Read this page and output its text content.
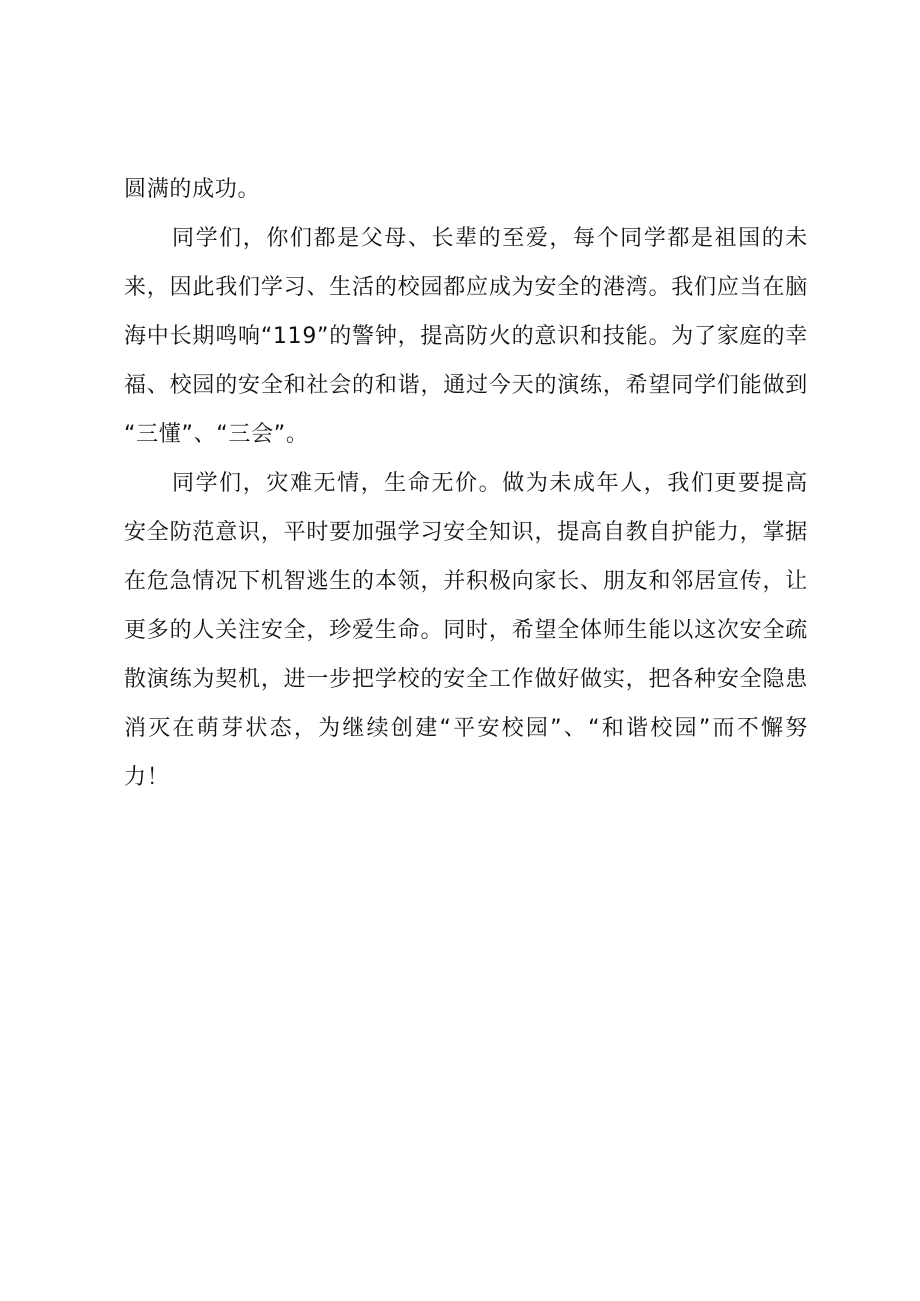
圆满的成功。
同学们，你们都是父母、长辈的至爱，每个同学都是祖国的未
来，因此我们学习、生活的校园都应成为安全的港湾。我们应当在脑
海中长期鸣响“119”的警钟，提高防火的意识和技能。为了家庭的幸
福、校园的安全和社会的和谐，通过今天的演练，希望同学们能做到
“三懂”、“三会”。
同学们，灾难无情，生命无价。做为未成年人，我们更要提高
安全防范意识，平时要加强学习安全知识，提高自教自护能力，掌据
在危急情况下机智逃生的本领，并积极向家长、朋友和邻居宣传，让
更多的人关注安全，珍爱生命。同时，希望全体师生能以这次安全疏
散演练为契机，进一步把学校的安全工作做好做实，把各种安全隐患
消灭在萌芽状态，为继续创建“平安校园”、“和谐校园”而不懈努
力！
